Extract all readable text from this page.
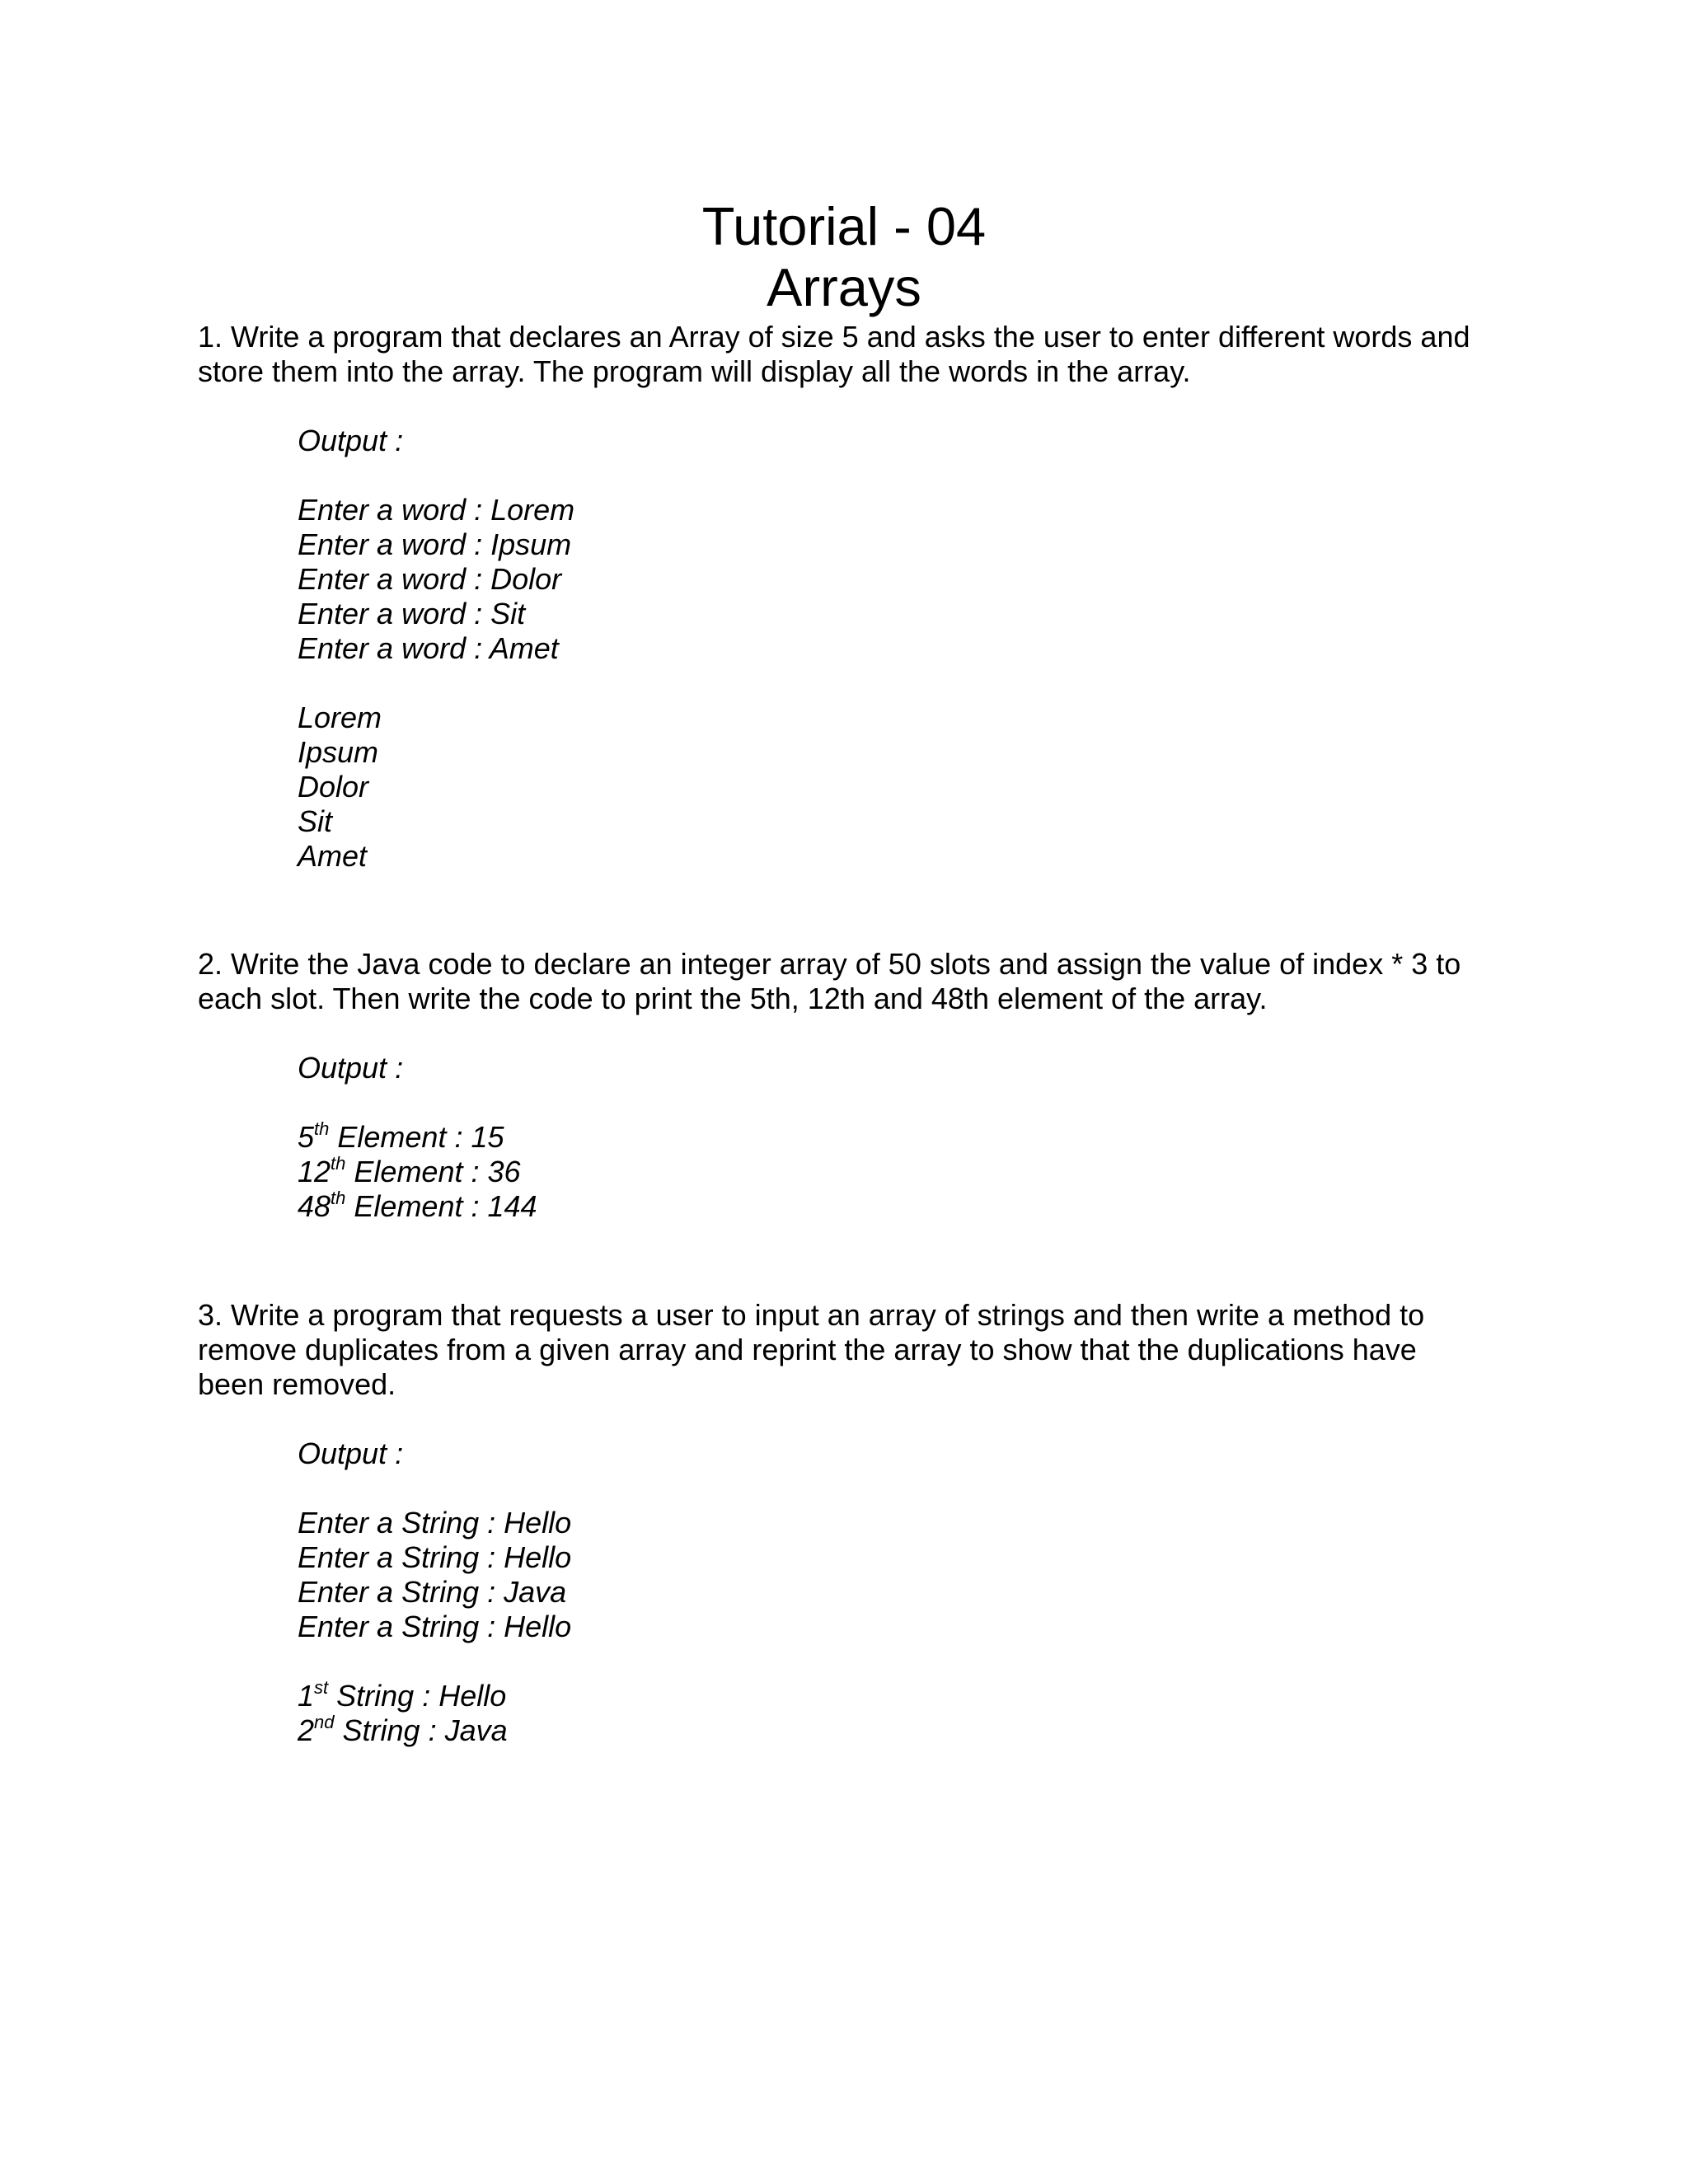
Tutorial - 04
Arrays

1. Write a program that declares an Array of size 5 and asks the user to enter different words and store them into the array. The program will display all the words in the array.

Output :

Enter a word : Lorem

Enter a word : Ipsum

Enter a word : Dolor

Enter a word : Sit

Enter a word : Amet

Lorem

Ipsum

Dolor

Sit

Amet

2. Write the Java code to declare an integer array of 50 slots and assign the value of index * 3 to each slot. Then write the code to print the 5th, 12th and 48th element of the array.

Output :

5th Element : 15

12th Element : 36

48th Element : 144

3. Write a program that requests a user to input an array of strings and then write a method to remove duplicates from a given array and reprint the array to show that the duplications have been removed.

Output :

Enter a String : Hello

Enter a String : Hello

Enter a String : Java

Enter a String : Hello

1st String : Hello

2nd String : Java
